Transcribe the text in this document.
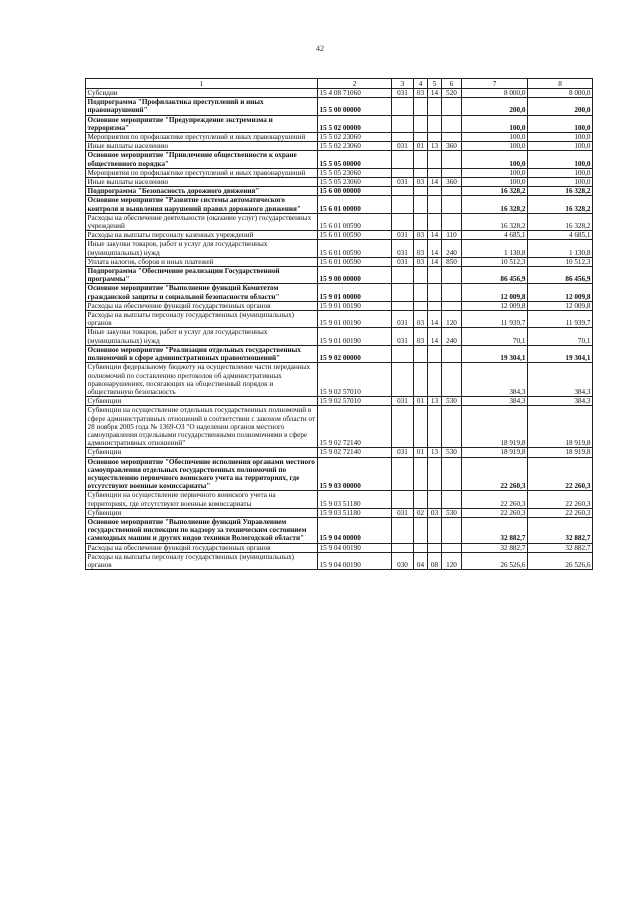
42
1	2	3	4	5	6	7	8
Субсидии	15 4 08 71060	031	03	14	520	8 000,0	8 000,0
Подпрограмма "Профилактика преступлений и иных правонарушений"	15 5 00 00000					200,0	200,0
Основное мероприятие "Предупреждение экстремизма и терроризма"	15 5 02 00000					100,0	100,0
Мероприятия по профилактике преступлений и иных правонарушений	15 5 02 23060					100,0	100,0
Иные выплаты населению	15 5 02 23060	031	01	13	360	100,0	100,0
Основное мероприятие "Привлечение общественности к охране общественного порядка"	15 5 05 00000					100,0	100,0
Мероприятия по профилактике преступлений и иных правонарушений	15 5 05 23060					100,0	100,0
Иные выплаты населению	15 5 05 23060	031	03	14	360	100,0	100,0
Подпрограмма "Безопасность дорожного движения"	15 6 00 00000					16 328,2	16 328,2
Основное мероприятие "Развитие системы автоматического контроля и выявления нарушений правил дорожного движения"	15 6 01 00000					16 328,2	16 328,2
Расходы на обеспечение деятельности (оказание услуг) государственных учреждений	15 6 01 00590					16 328,2	16 328,2
Расходы на выплаты персоналу казенных учреждений	15 6 01 00590	031	03	14	110	4 685,1	4 685,1
Иные закупки товаров, работ и услуг для государственных (муниципальных) нужд	15 6 01 00590	031	03	14	240	1 130,8	1 130,8
Уплата налогов, сборов и иных платежей	15 6 01 00590	031	03	14	850	10 512,3	10 512,3
Подпрограмма "Обеспечение реализации Государственной программы"	15 9 00 00000					86 456,9	86 456,9
Основное мероприятие "Выполнение функций Комитетом гражданской защиты и социальной безопасности области"	15 9 01 00000					12 009,8	12 009,8
Расходы на обеспечение функций государственных органов	15 9 01 00190					12 009,8	12 009,8
Расходы на выплаты персоналу государственных (муниципальных) органов	15 9 01 00190	031	03	14	120	11 939,7	11 939,7
Иные закупки товаров, работ и услуг для государственных (муниципальных) нужд	15 9 01 00190	031	03	14	240	70,1	70,1
Основное мероприятие "Реализация отдельных государственных полномочий в сфере административных правоотношений"	15 9 02 00000					19 304,1	19 304,1
Субвенции федеральному бюджету на осуществление части переданных полномочий по составлению протоколов об административных правонарушениях, посягающих на общественный порядок и общественную безопасность	15 9 02 57010					384,3	384,3
Субвенции	15 9 02 57010	031	01	13	530	384,3	384,3
Субвенции на осуществление отдельных государственных полномочий в сфере административных отношений в соответствии с законом области от 28 ноября 2005 года № 1369-ОЗ "О наделении органов местного самоуправления отдельными государственными полномочиями в сфере административных отношений"	15 9 02 72140					18 919,8	18 919,8
Субвенции	15 9 02 72140	031	01	13	530	18 919,8	18 919,8
Основное мероприятие "Обеспечение исполнения органами местного самоуправления отдельных государственных полномочий по осуществлению первичного воинского учета на территориях, где отсутствуют военные комиссариаты"	15 9 03 00000					22 260,3	22 260,3
Субвенции на осуществление первичного воинского учета на территориях, где отсутствуют военные комиссариаты	15 9 03 51180					22 260,3	22 260,3
Субвенции	15 9 03 51180	031	02	03	530	22 260,3	22 260,3
Основное мероприятие "Выполнение функций Управлением государственной инспекции по надзору за техническим состоянием самоходных машин и других видов техники Вологодской области"	15 9 04 00000					32 882,7	32 882,7
Расходы на обеспечение функций государственных органов	15 9 04 00190					32 882,7	32 882,7
Расходы на выплаты персоналу государственных (муниципальных) органов	15 9 04 00190	030	04	08	120	26 526,6	26 526,6
